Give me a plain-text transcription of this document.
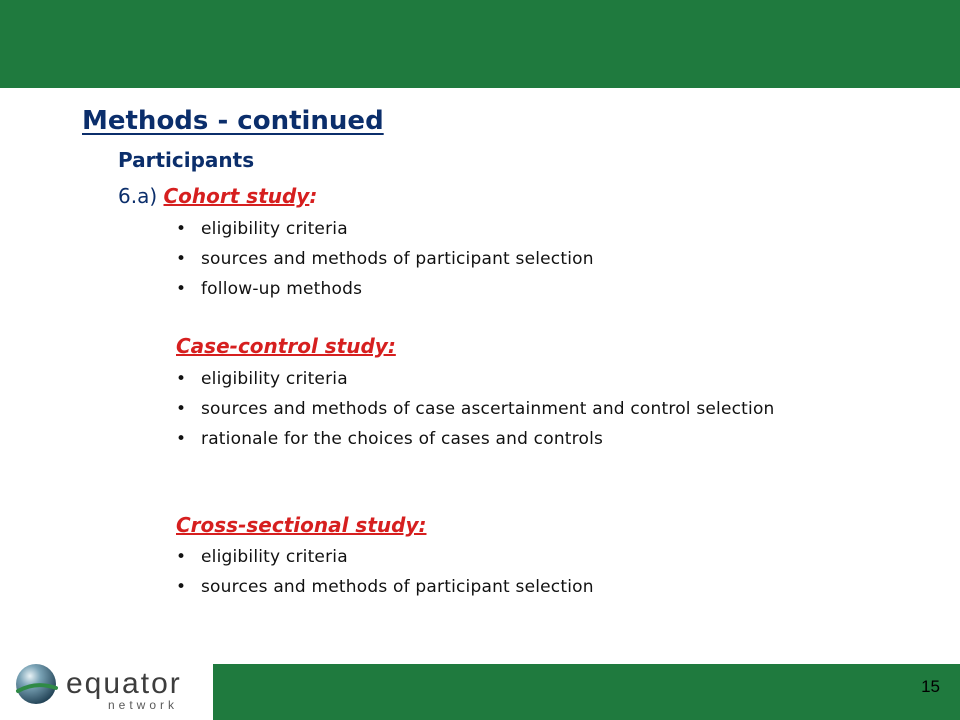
Methods - continued
Participants
6.a) Cohort study:
• eligibility criteria
• sources and methods of participant selection
• follow-up methods
Case-control study:
• eligibility criteria
• sources and methods of case ascertainment and control selection
• rationale for the choices of cases and controls
Cross-sectional study:
• eligibility criteria
• sources and methods of participant selection
15
equator
network
